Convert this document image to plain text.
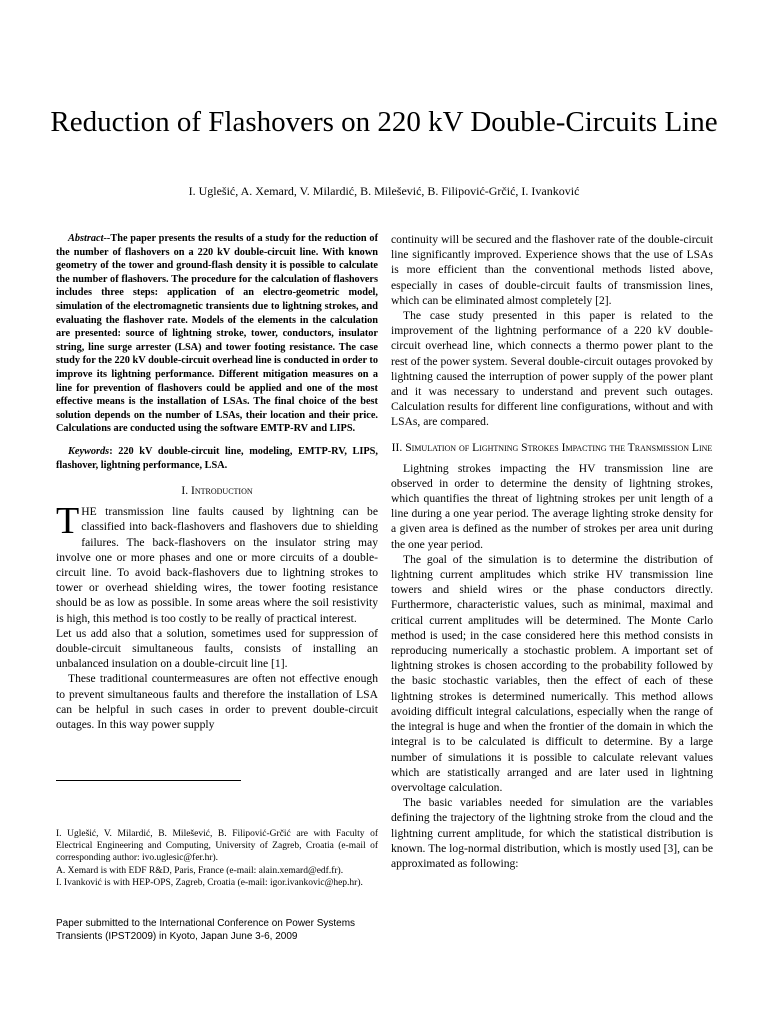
Reduction of Flashovers on 220 kV Double-Circuits Line
I. Uglešić, A. Xemard, V. Milardić, B. Milešević, B. Filipović-Grčić, I. Ivanković

Abstract--The paper presents the results of a study for the reduction of the number of flashovers on a 220 kV double-circuit line. With known geometry of the tower and ground-flash density it is possible to calculate the number of flashovers. The procedure for the calculation of flashovers includes three steps: application of an electro-geometric model, simulation of the electromagnetic transients due to lightning strokes, and evaluating the flashover rate. Models of the elements in the calculation are presented: source of lightning stroke, tower, conductors, insulator string, line surge arrester (LSA) and tower footing resistance. The case study for the 220 kV double-circuit overhead line is conducted in order to improve its lightning performance. Different mitigation measures on a line for prevention of flashovers could be applied and one of the most effective means is the installation of LSAs. The final choice of the best solution depends on the number of LSAs, their location and their price. Calculations are conducted using the software EMTP-RV and LIPS.

Keywords: 220 kV double-circuit line, modeling, EMTP-RV, LIPS, flashover, lightning performance, LSA.

I. Introduction

THE transmission line faults caused by lightning can be classified into back-flashovers and flashovers due to shielding failures. The back-flashovers on the insulator string may involve one or more phases and one or more circuits of a double-circuit line. To avoid back-flashovers due to lightning strokes to tower or overhead shielding wires, the tower footing resistance should be as low as possible. In some areas where the soil resistivity is high, this method is too costly to be really of practical interest.

Let us add also that a solution, sometimes used for suppression of double-circuit simultaneous faults, consists of installing an unbalanced insulation on a double-circuit line [1].

These traditional countermeasures are often not effective enough to prevent simultaneous faults and therefore the installation of LSA can be helpful in such cases in order to prevent double-circuit outages. In this way power supply

I. Uglešić, V. Milardić, B. Milešević, B. Filipović-Grčić are with Faculty of Electrical Engineering and Computing, University of Zagreb, Croatia (e-mail of corresponding author: ivo.uglesic@fer.hr).

A. Xemard is with EDF R&D, Paris, France (e-mail: alain.xemard@edf.fr).

I. Ivanković is with HEP-OPS, Zagreb, Croatia (e-mail: igor.ivankovic@hep.hr).

Paper submitted to the International Conference on Power Systems Transients (IPST2009) in Kyoto, Japan June 3-6, 2009

continuity will be secured and the flashover rate of the double-circuit line significantly improved. Experience shows that the use of LSAs is more efficient than the conventional methods listed above, especially in cases of double-circuit faults of transmission lines, which can be eliminated almost completely [2].

The case study presented in this paper is related to the improvement of the lightning performance of a 220 kV double-circuit overhead line, which connects a thermo power plant to the rest of the power system. Several double-circuit outages provoked by lightning caused the interruption of power supply of the power plant and it was necessary to understand and prevent such outages. Calculation results for different line configurations, without and with LSAs, are compared.

II. Simulation of Lightning Strokes Impacting the Transmission Line

Lightning strokes impacting the HV transmission line are observed in order to determine the density of lightning strokes, which quantifies the threat of lightning strokes per unit length of a line during a one year period. The average lighting stroke density for a given area is defined as the number of strokes per area unit during the one year period.

The goal of the simulation is to determine the distribution of lightning current amplitudes which strike HV transmission line towers and shield wires or the phase conductors directly. Furthermore, characteristic values, such as minimal, maximal and critical current amplitudes will be determined. The Monte Carlo method is used; in the case considered here this method consists in reproducing numerically a stochastic problem. A important set of lightning strokes is chosen according to the probability followed by the basic stochastic variables, then the effect of each of these lightning strokes is determined numerically. This method allows avoiding difficult integral calculations, especially when the range of the integral is huge and when the frontier of the domain in which the integral is to be calculated is difficult to determine. By a large number of simulations it is possible to calculate relevant values which are statistically arranged and are later used in lightning overvoltage calculation.

The basic variables needed for simulation are the variables defining the trajectory of the lightning stroke from the cloud and the lightning current amplitude, for which the statistical distribution is known. The log-normal distribution, which is mostly used [3], can be approximated as following:
